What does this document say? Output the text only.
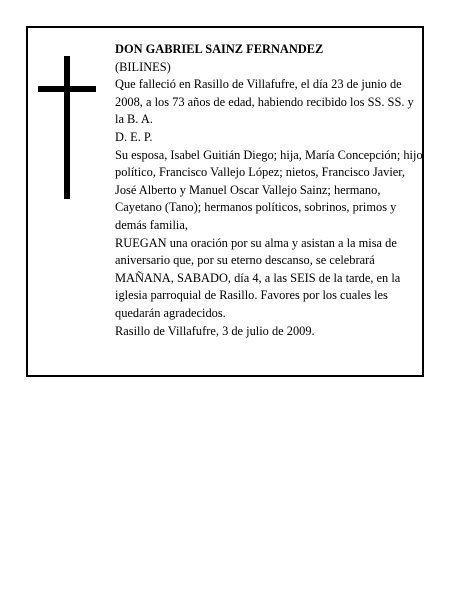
DON GABRIEL SAINZ FERNANDEZ

(BILINES)

Que falleció en Rasillo de Villafufre, el día 23 de junio de 2008, a los 73 años de edad, habiendo recibido los SS. SS. y la B. A.

D. E. P.

Su esposa, Isabel Guitián Diego; hija, María Concepción; hijo político, Francisco Vallejo López; nietos, Francisco Javier, José Alberto y Manuel Oscar Vallejo Sainz; hermano, Cayetano (Tano); hermanos políticos, sobrinos, primos y demás familia,

RUEGAN una oración por su alma y asistan a la misa de aniversario que, por su eterno descanso, se celebrará MAÑANA, SABADO, día 4, a las SEIS de la tarde, en la iglesia parroquial de Rasillo. Favores por los cuales les quedarán agradecidos.

Rasillo de Villafufre, 3 de julio de 2009.
